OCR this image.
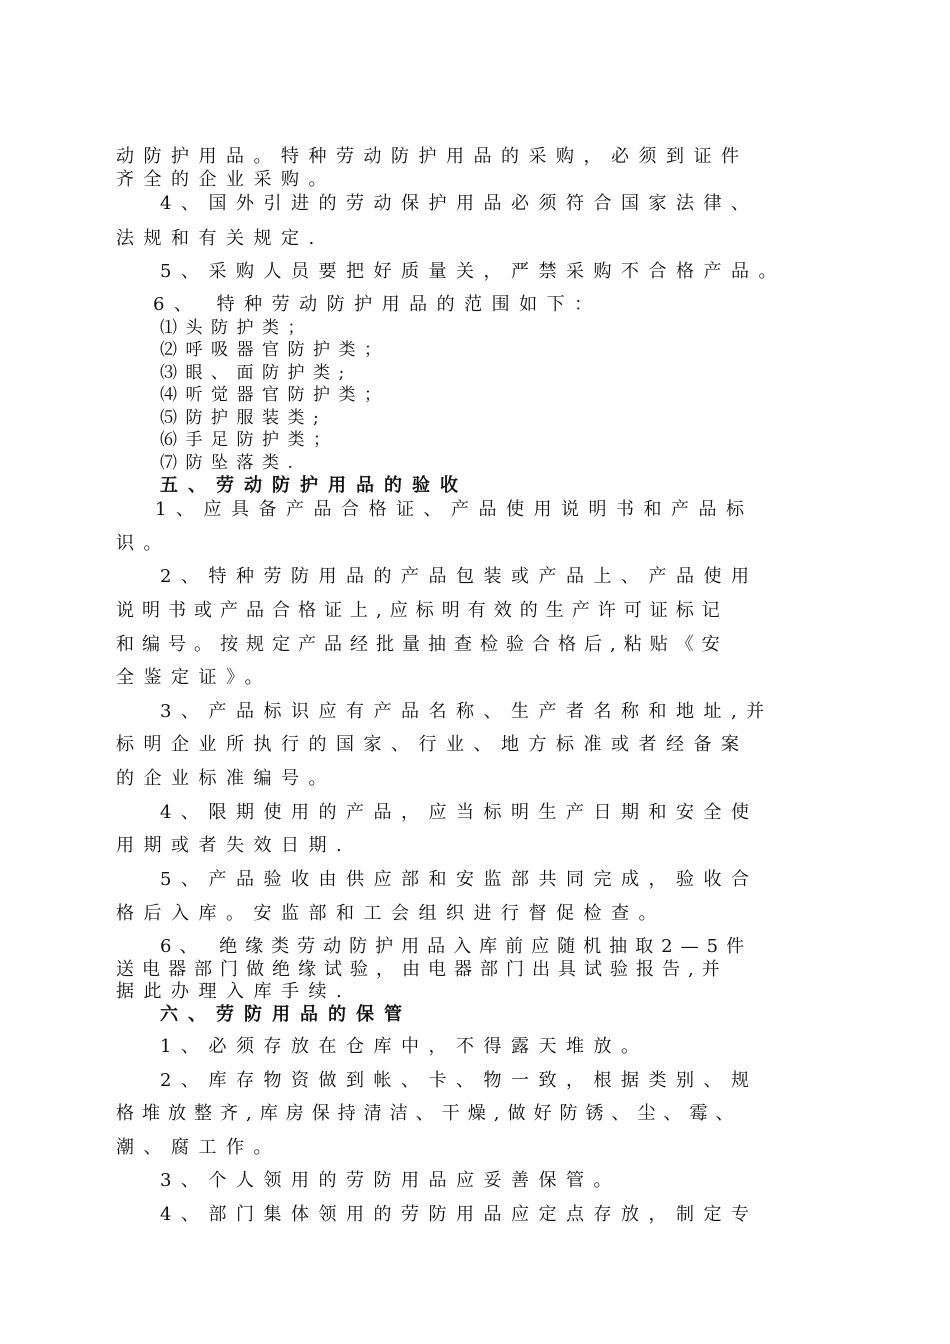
动防护用品。特种劳动防护用品的采购，必须到证件
齐全的企业采购。
4、国外引进的劳动保护用品必须符合国家法律、
法规和有关规定.
5、采购人员要把好质量关，严禁采购不合格产品。
6、 特种劳动防护用品的范围如下：
⑴头防护类；
⑵呼吸器官防护类；
⑶眼、面防护类;
⑷听觉器官防护类；
⑸防护服装类;
⑹手足防护类；
⑺防坠落类.
五、劳动防护用品的验收
1、应具备产品合格证、产品使用说明书和产品标
识。
2、特种劳防用品的产品包装或产品上、产品使用
说明书或产品合格证上,应标明有效的生产许可证标记
和编号。按规定产品经批量抽查检验合格后,粘贴《安
全鉴定证》。
3、产品标识应有产品名称、生产者名称和地址,并
标明企业所执行的国家、行业、地方标准或者经备案
的企业标准编号。
4、限期使用的产品，应当标明生产日期和安全使
用期或者失效日期.
5、产品验收由供应部和安监部共同完成，验收合
格后入库。安监部和工会组织进行督促检查。
6、 绝缘类劳动防护用品入库前应随机抽取2—5件
送电器部门做绝缘试验，由电器部门出具试验报告,并
据此办理入库手续.
六、劳防用品的保管
1、必须存放在仓库中，不得露天堆放。
2、库存物资做到帐、卡、物一致，根据类别、规
格堆放整齐,库房保持清洁、干燥,做好防锈、尘、霉、
潮、腐工作。
3、个人领用的劳防用品应妥善保管。
4、部门集体领用的劳防用品应定点存放，制定专
